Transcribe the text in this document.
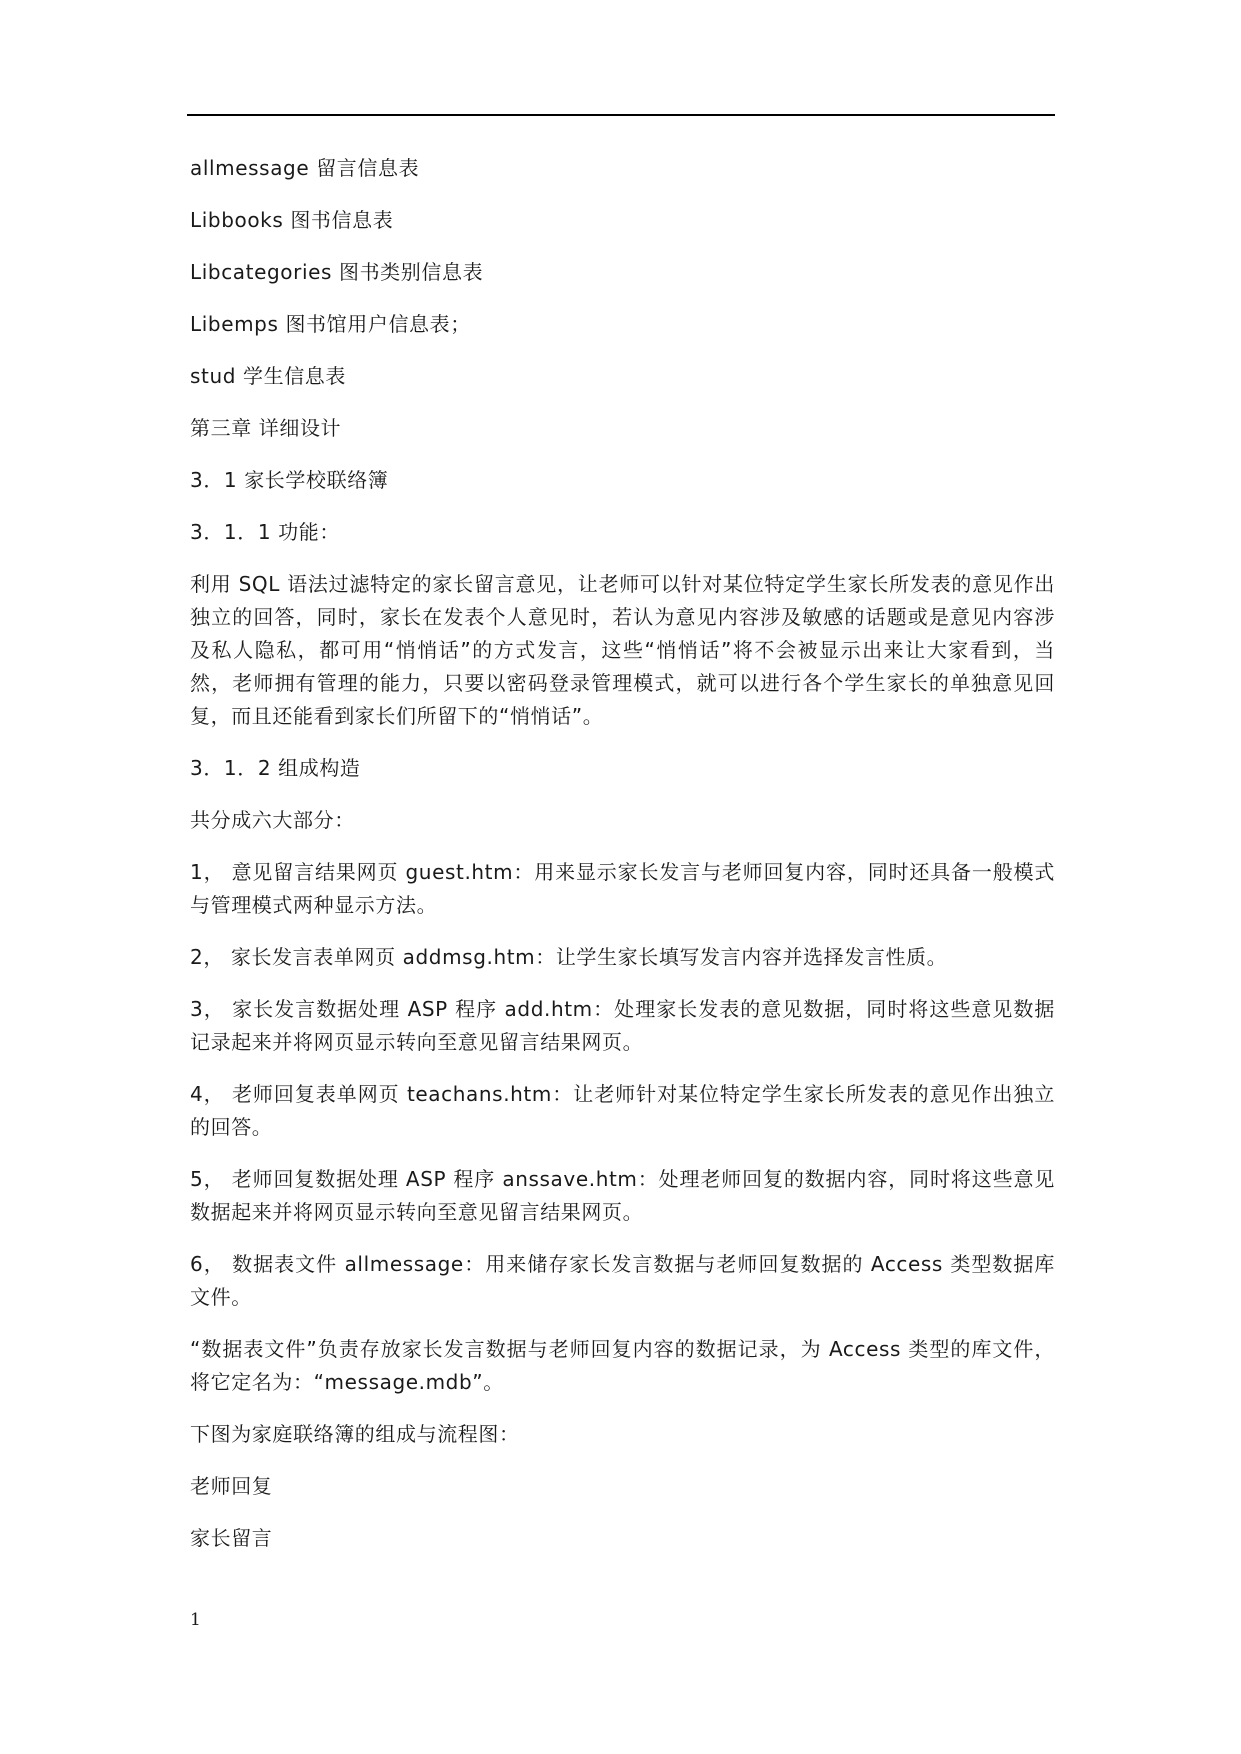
allmessage 留言信息表

Libbooks 图书信息表

Libcategories 图书类别信息表

Libemps 图书馆用户信息表；

stud 学生信息表

第三章 详细设计

3．1 家长学校联络簿

3．1．1 功能：

利用 SQL 语法过滤特定的家长留言意见，让老师可以针对某位特定学生家长所发表的意见作出独立的回答，同时，家长在发表个人意见时，若认为意见内容涉及敏感的话题或是意见内容涉及私人隐私，都可用“悄悄话”的方式发言，这些“悄悄话”将不会被显示出来让大家看到，当然，老师拥有管理的能力，只要以密码登录管理模式，就可以进行各个学生家长的单独意见回复，而且还能看到家长们所留下的“悄悄话”。

3．1．2 组成构造

共分成六大部分：

1， 意见留言结果网页 guest.htm：用来显示家长发言与老师回复内容，同时还具备一般模式与管理模式两种显示方法。

2， 家长发言表单网页 addmsg.htm：让学生家长填写发言内容并选择发言性质。

3， 家长发言数据处理 ASP 程序 add.htm：处理家长发表的意见数据，同时将这些意见数据记录起来并将网页显示转向至意见留言结果网页。

4， 老师回复表单网页 teachans.htm：让老师针对某位特定学生家长所发表的意见作出独立的回答。

5， 老师回复数据处理 ASP 程序 anssave.htm：处理老师回复的数据内容，同时将这些意见数据起来并将网页显示转向至意见留言结果网页。

6， 数据表文件 allmessage：用来储存家长发言数据与老师回复数据的 Access 类型数据库文件。

“数据表文件”负责存放家长发言数据与老师回复内容的数据记录，为 Access 类型的库文件，将它定名为：“message.mdb”。

下图为家庭联络簿的组成与流程图：

老师回复

家长留言

1
